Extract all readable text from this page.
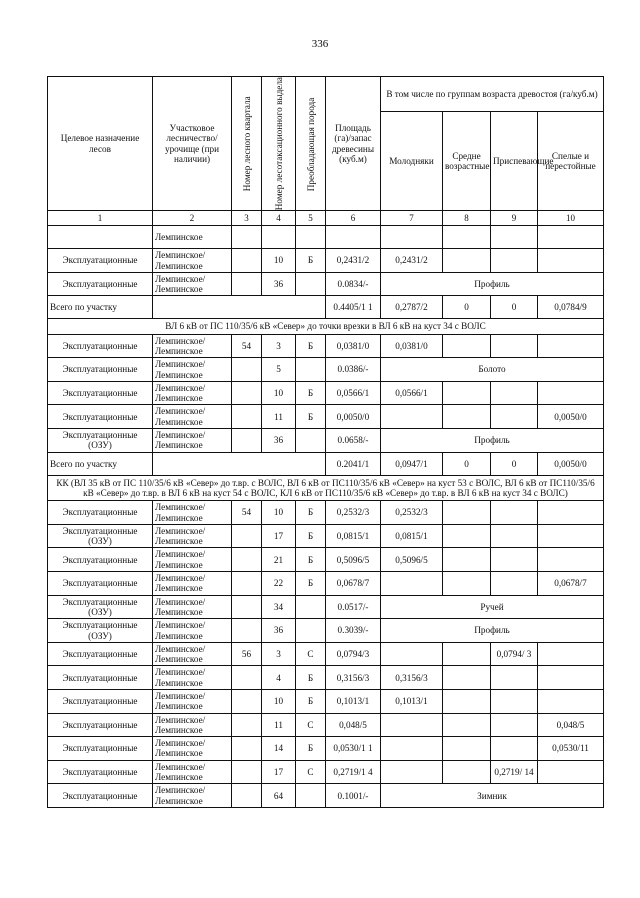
336
Целевое назначение лесов	Участковое лесничество/ урочище (при наличии)	Номер лесного квартала	Номер лесотаксационного выдела	Преобладающая порода	Площадь (га)/запас древесины (куб.м)	В том числе по группам возраста древостоя (га/куб.м)			
						Молодняки	Средне возрастные	Приспевающие	Спелые и перестойные
1	2	3	4	5	6	7	8	9	10
	Лемпинское								
Эксплуатационные	Лемпинское/ Лемпинское		10	Б	0,2431/2	0,2431/2			
Эксплуатационные	Лемпинское/ Лемпинское		36		0.0834/-	Профиль			
Всего по участку					0.4405/1 1	0,2787/2	0	0	0,0784/9
ВЛ 6 кВ от ПС 110/35/6 кВ «Север» до точки врезки в ВЛ 6 кВ на куст 34 с ВОЛС									
Эксплуатационные	Лемпинское/ Лемпинское	54	3	Б	0,0381/0	0,0381/0			
Эксплуатационные	Лемпинское/ Лемпинское		5		0.0386/-	Болото			
Эксплуатационные	Лемпинское/ Лемпинское		10	Б	0,0566/1	0,0566/1			
Эксплуатационные	Лемпинское/ Лемпинское		11	Б	0,0050/0				0,0050/0
Эксплуатационные (ОЗУ)	Лемпинское/ Лемпинское		36		0.0658/-	Профиль			
Всего по участку					0.2041/1	0,0947/1	0	0	0,0050/0
КК (ВЛ 35 кВ от ПС 110/35/6 кВ «Север» до т.вр. с ВОЛС, ВЛ 6 кВ от ПС110/35/6 кВ «Север» на куст 53 с ВОЛС, ВЛ 6 кВ от ПС110/35/6 кВ «Север» до т.вр. в ВЛ 6 кВ на куст 54 с ВОЛС, КЛ 6 кВ от ПС110/35/6 кВ «Север» до т.вр. в ВЛ 6 кВ на куст 34 с ВОЛС)									
Эксплуатационные	Лемпинское/ Лемпинское	54	10	Б	0,2532/3	0,2532/3			
Эксплуатационные (ОЗУ)	Лемпинское/ Лемпинское		17	Б	0,0815/1	0,0815/1			
Эксплуатационные	Лемпинское/ Лемпинское		21	Б	0,5096/5	0,5096/5			
Эксплуатационные	Лемпинское/ Лемпинское		22	Б	0,0678/7				0,0678/7
Эксплуатационные (ОЗУ)	Лемпинское/ Лемпинское		34		0.0517/-	Ручей			
Эксплуатационные (ОЗУ)	Лемпинское/ Лемпинское		36		0.3039/-	Профиль			
Эксплуатационные	Лемпинское/ Лемпинское	56	3	С	0,0794/3			0,0794/ 3	
Эксплуатационные	Лемпинское/ Лемпинское		4	Б	0,3156/3	0,3156/3			
Эксплуатационные	Лемпинское/ Лемпинское		10	Б	0,1013/1	0,1013/1			
Эксплуатационные	Лемпинское/ Лемпинское		11	С	0,048/5				0,048/5
Эксплуатационные	Лемпинское/ Лемпинское		14	Б	0,0530/1 1				0,0530/11
Эксплуатационные	Лемпинское/ Лемпинское		17	С	0,2719/1 4			0,2719/ 14	
Эксплуатационные	Лемпинское/ Лемпинское		64		0.1001/-	Зимник			
